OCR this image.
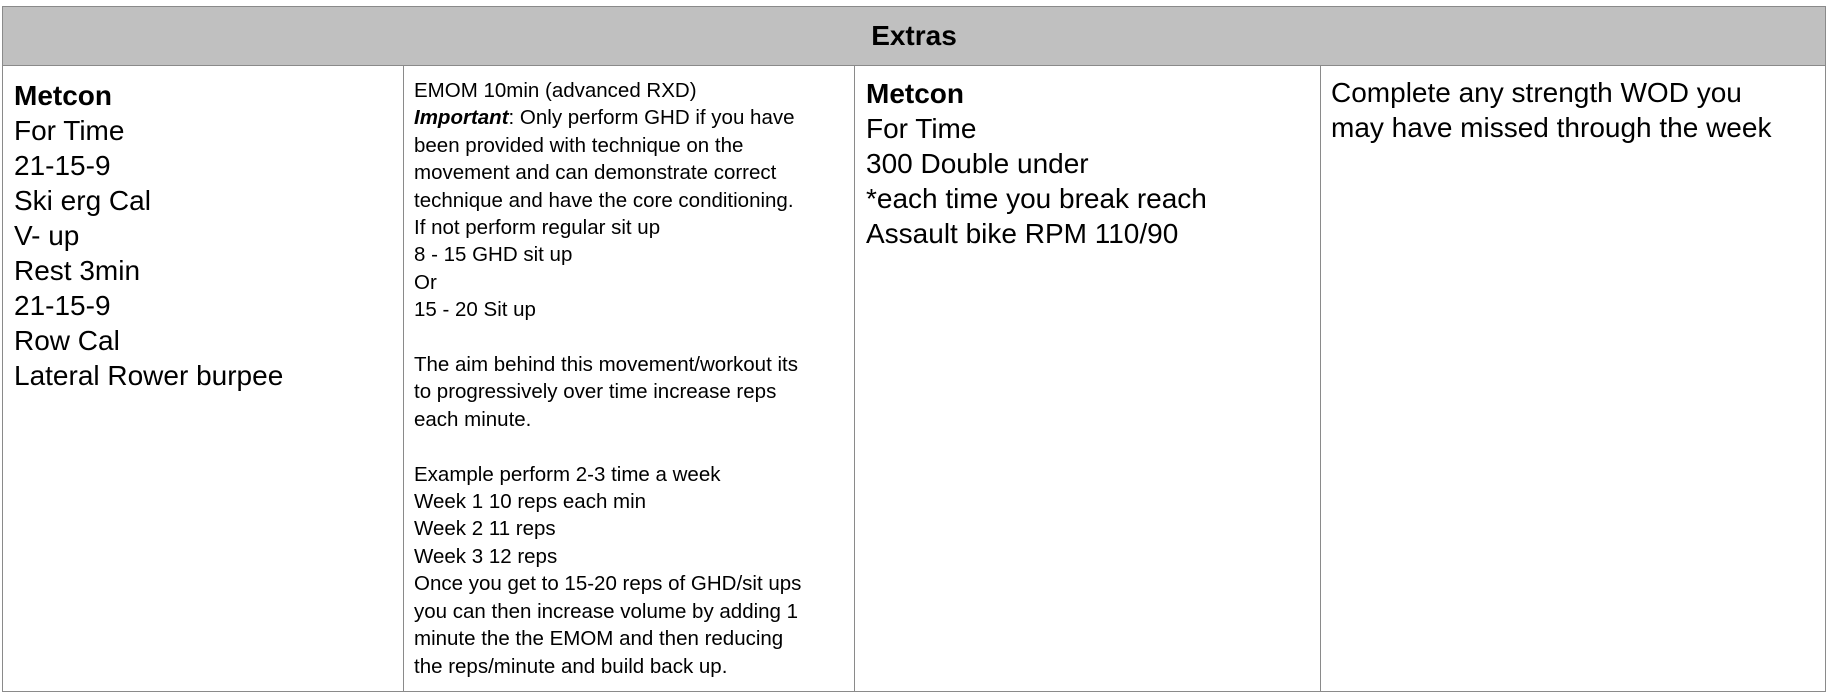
Extras
Metcon
For Time
21-15-9
Ski erg Cal
V- up
Rest 3min
21-15-9
Row Cal
Lateral Rower burpee
EMOM 10min (advanced RXD)
Important: Only perform GHD if you have
been provided with technique on the
movement and can demonstrate correct
technique and have the core conditioning.
If not perform regular sit up
8 - 15 GHD sit up
Or
15 - 20 Sit up
The aim behind this movement/workout its
to progressively over time increase reps
each minute.
Example perform 2-3 time a week
Week 1 10 reps each min
Week 2 11 reps
Week 3 12 reps
Once you get to 15-20 reps of GHD/sit ups
you can then increase volume by adding 1
minute the the EMOM and then reducing
the reps/minute and build back up.
Metcon
For Time
300 Double under
*each time you break reach
Assault bike RPM 110/90
Complete any strength WOD you
may have missed through the week
